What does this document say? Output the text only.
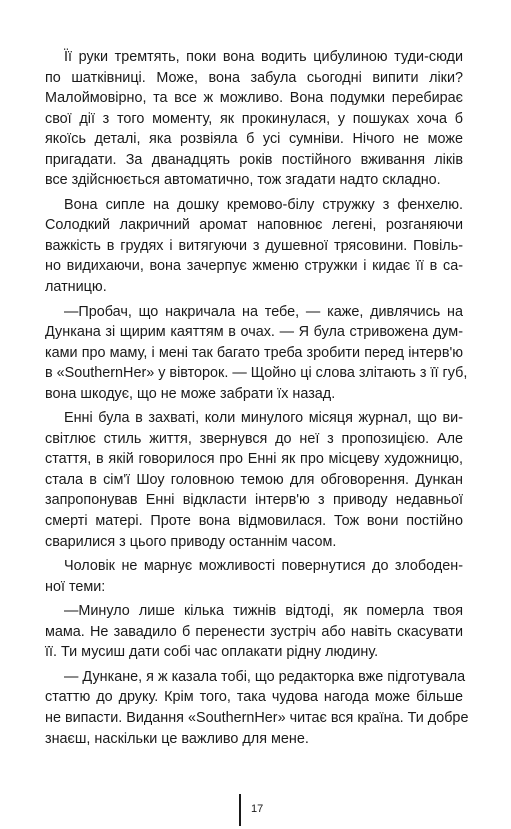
Її руки тремтять, поки вона водить цибулиною туди-сюди
по шатківниці. Може, вона забула сьогодні випити ліки?
Малоймовірно, та все ж можливо. Вона подумки перебирає
свої дії з того моменту, як прокинулася, у пошуках хоча б
якоїсь деталі, яка розвіяла б усі сумніви. Нічого не може
пригадати. За дванадцять років постійного вживання ліків
все здійснюється автоматично, тож згадати надто складно.
Вона сипле на дошку кремово-білу стружку з фенхелю.
Солодкий лакричний аромат наповнює легені, розганяючи
важкість в грудях і витягуючи з душевної трясовини. Повіль-
но видихаючи, вона зачерпує жменю стружки і кидає її в са-
латницю.
—Пробач, що накричала на тебе, — каже, дивлячись на
Дункана зі щирим каяттям в очах. — Я була стривожена дум-
ками про маму, і мені так багато треба зробити перед інтерв'ю
в «SouthernHer» у вівторок. — Щойно ці слова злітають з її губ,
вона шкодує, що не може забрати їх назад.
Енні була в захваті, коли минулого місяця журнал, що ви-
світлює стиль життя, звернувся до неї з пропозицією. Але
стаття, в якій говорилося про Енні як про місцеву художницю,
стала в сім'ї Шоу головною темою для обговорення. Дункан
запропонував Енні відкласти інтерв'ю з приводу недавньої
смерті матері. Проте вона відмовилася. Тож вони постійно
сварилися з цього приводу останнім часом.
Чоловік не марнує можливості повернутися до злободен-
ної теми:
—Минуло лише кілька тижнів відтоді, як померла твоя
мама. Не завадило б перенести зустріч або навіть скасувати
її. Ти мусиш дати собі час оплакати рідну людину.
— Дункане, я ж казала тобі, що редакторка вже підготувала
статтю до друку. Крім того, така чудова нагода може більше
не випасти. Видання «SouthernHer» читає вся країна. Ти добре
знаєш, наскільки це важливо для мене.
17
